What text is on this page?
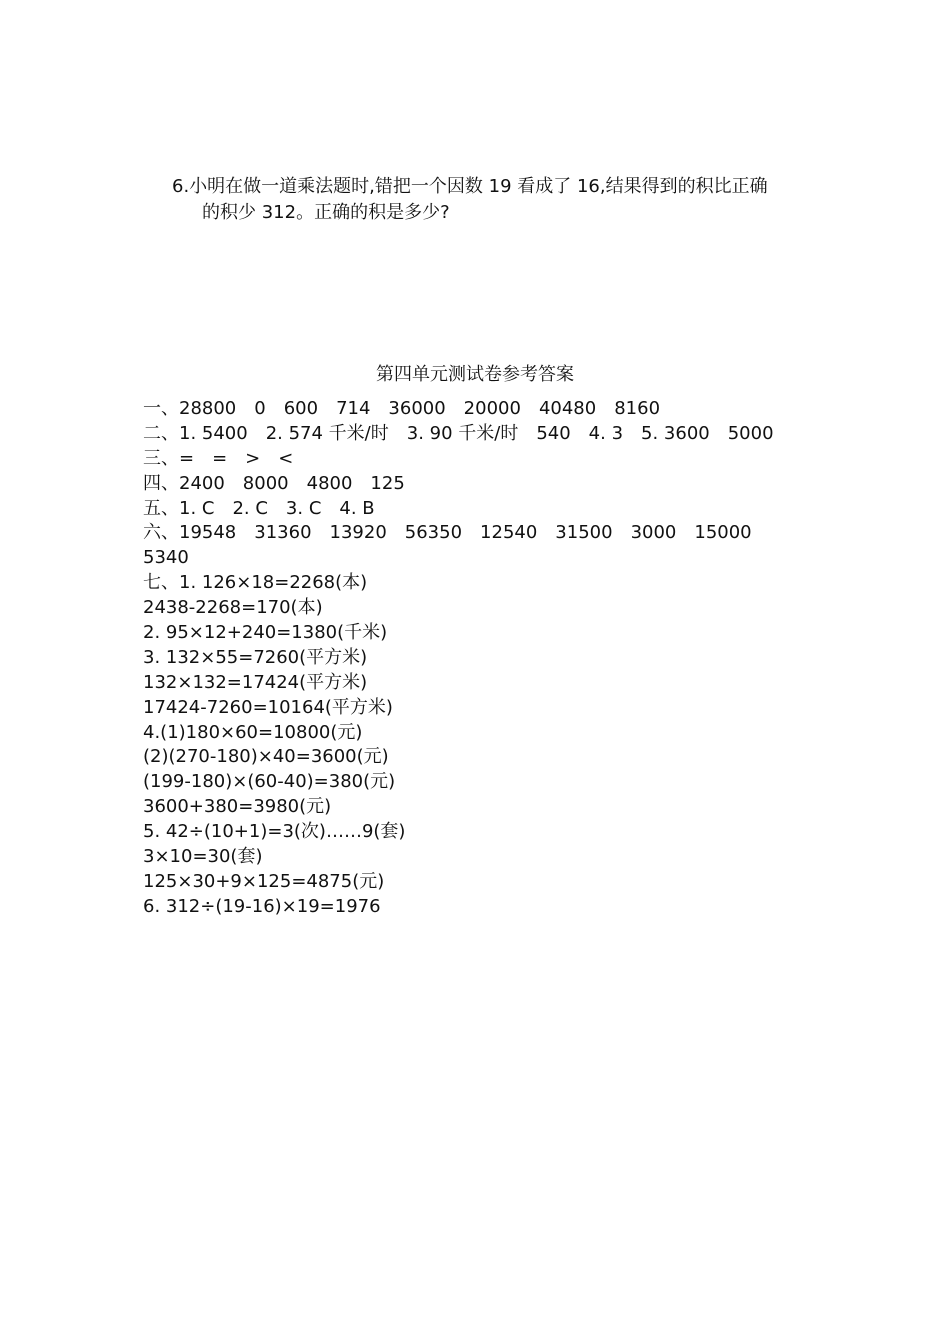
6.小明在做一道乘法题时,错把一个因数 19 看成了 16,结果得到的积比正确
的积少 312。正确的积是多少?
第四单元测试卷参考答案
一、28800　0　600　714　36000　20000　40480　8160
二、1. 5400　2. 574 千米/时　3. 90 千米/时　540　4. 3　5. 3600　5000
三、=　=　>　<
四、2400　8000　4800　125
五、1. C　2. C　3. C　4. B
六、19548　31360　13920　56350　12540　31500　3000　15000
5340
七、1. 126×18=2268(本)
2438-2268=170(本)
2. 95×12+240=1380(千米)
3. 132×55=7260(平方米)
132×132=17424(平方米)
17424-7260=10164(平方米)
4.(1)180×60=10800(元)
(2)(270-180)×40=3600(元)
(199-180)×(60-40)=380(元)
3600+380=3980(元)
5. 42÷(10+1)=3(次)……9(套)
3×10=30(套)
125×30+9×125=4875(元)
6. 312÷(19-16)×19=1976
